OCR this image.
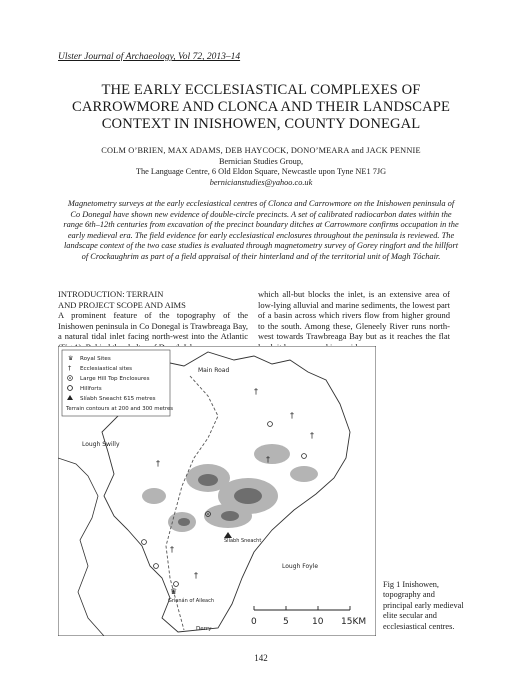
Ulster Journal of Archaeology, Vol 72, 2013–14
THE EARLY ECCLESIASTICAL COMPLEXES OF
CARROWMORE AND CLONCA AND THEIR LANDSCAPE
CONTEXT IN INISHOWEN, COUNTY DONEGAL
COLM O’BRIEN, MAX ADAMS, DEB HAYCOCK, DONO’MEARA and JACK PENNIE
Bernician Studies Group,
The Language Centre, 6 Old Eldon Square, Newcastle upon Tyne NE1 7JG
bernicianstudies@yahoo.co.uk
Magnetometry surveys at the early ecclesiastical centres of Clonca and Carrowmore on the Inishowen peninsula of Co Donegal have shown new evidence of double-circle precincts. A set of calibrated radiocarbon dates within the range 6th–12th centuries from excavation of the precinct boundary ditches at Carrowmore confirms occupation in the early medieval era. The field evidence for early ecclesiastical enclosures throughout the peninsula is reviewed. The landscape context of the two case studies is evaluated through magnetometry survey of Gorey ringfort and the hillfort of Crockaughrim as part of a field appraisal of their hinterland and of the territorial unit of Magh Tóchair.
INTRODUCTION: TERRAIN
AND PROJECT SCOPE AND AIMS
A prominent feature of the topography of the Inishowen peninsula in Co Donegal is Trawbreaga Bay, a natural tidal inlet facing north-west into the Atlantic
which all-but blocks the inlet, is an extensive area of low-lying alluvial and marine sediments, the lowest part of a basin across which rivers flow from higher ground to the south. Among these, Gleneely River runs north-west towards Trawbreaga Bay but as it reaches the flat
♛ Royal Sites
† Ecclesiastical sites
Large Hill Top Enclosures
Hillforts
Slíabh Sneacht 615 metres
Terrain contours at 200 and 300 metres
Main Road
Lough Swilly
Lough Foyle
Derry
Grianán of Aileach
Sliabh Sneacht
†
†
†
†
†
†
†
♛
0	5	10 15KM
Fig 1 Inishowen, topography and principal early medieval elite secular and ecclesiastical centres.
142
